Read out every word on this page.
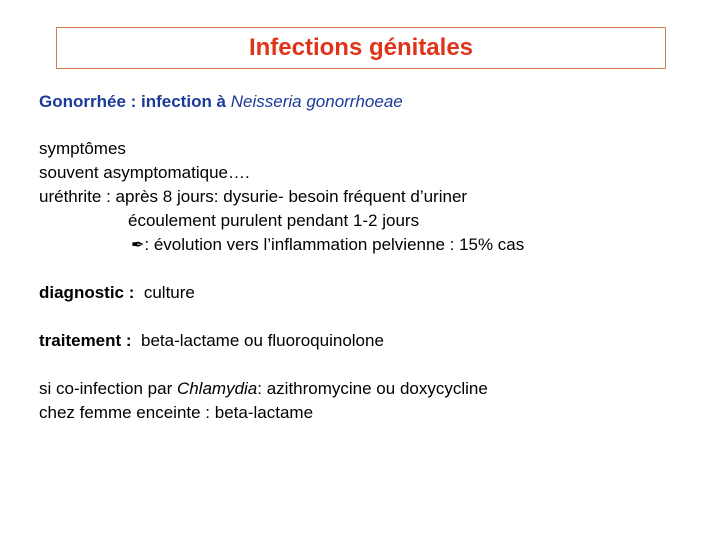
Infections génitales
Gonorrhée : infection à Neisseria gonorrhoeae
symptômes
souvent asymptomatique….
uréthrite : après 8 jours: dysurie- besoin fréquent d’uriner
écoulement purulent pendant 1-2 jours
✒: évolution vers l’inflammation pelvienne : 15% cas
diagnostic :  culture
traitement :  beta-lactame ou fluoroquinolone
si co-infection par Chlamydia: azithromycine ou doxycycline
chez femme enceinte : beta-lactame
